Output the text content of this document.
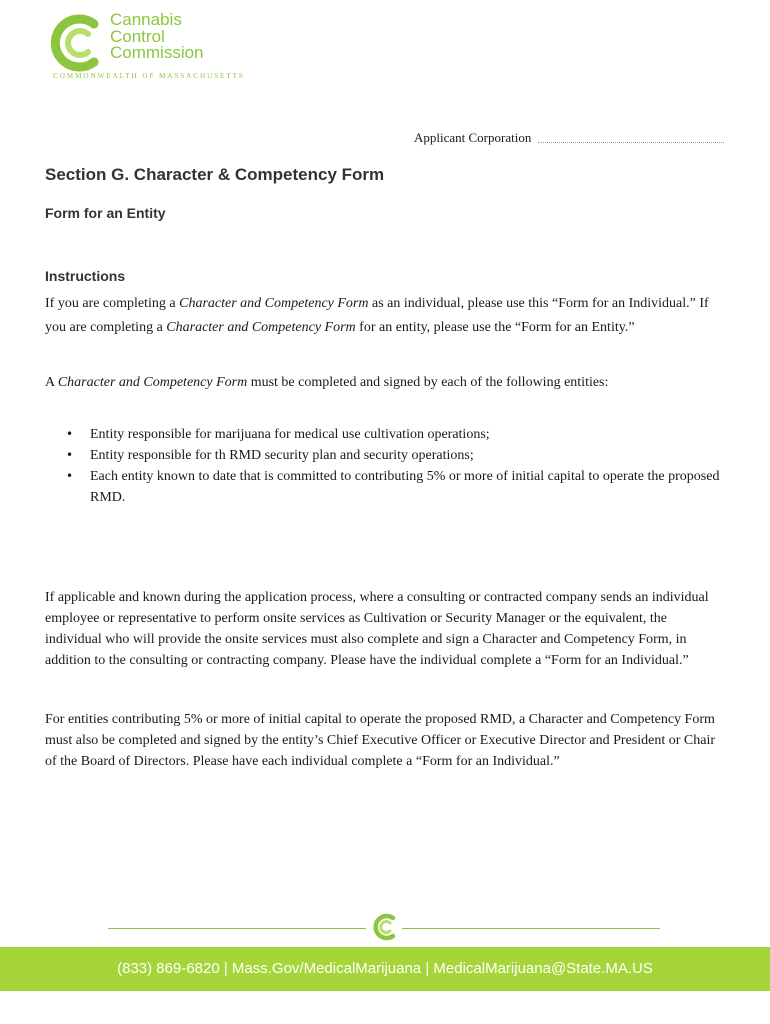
Cannabis
Control
Commission
COMMONWEALTH OF MASSACHUSETTS
Applicant Corporation
Section G. Character & Competency Form
Form for an Entity
Instructions

If you are completing a Character and Competency Form as an individual, please use this “Form for an Individual.” If you are completing a Character and Competency Form for an entity, please use the “Form for an Entity.”

A Character and Competency Form must be completed and signed by each of the following entities:

• Entity responsible for marijuana for medical use cultivation operations;
• Entity responsible for th RMD security plan and security operations;
• Each entity known to date that is committed to contributing 5% or more of initial capital to operate the proposed RMD.

If applicable and known during the application process, where a consulting or contracted company sends an individual employee or representative to perform onsite services as Cultivation or Security Manager or the equivalent, the individual who will provide the onsite services must also complete and sign a Character and Competency Form, in addition to the consulting or contracting company. Please have the individual complete a “Form for an Individual.”

For entities contributing 5% or more of initial capital to operate the proposed RMD, a Character and Competency Form must also be completed and signed by the entity’s Chief Executive Officer or Executive Director and President or Chair of the Board of Directors. Please have each individual complete a “Form for an Individual.”

(833) 869-6820 | Mass.Gov/MedicalMarijuana | MedicalMarijuana@State.MA.US
